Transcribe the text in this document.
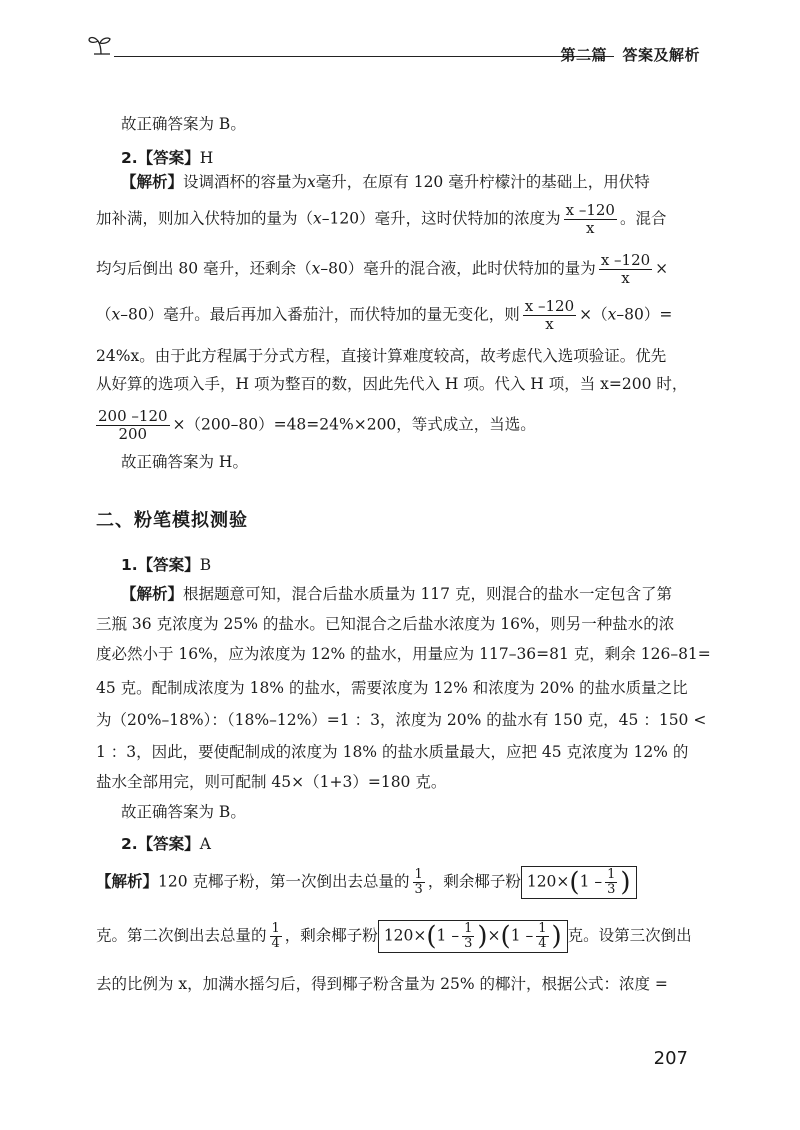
第二篇　答案及解析
故正确答案为 B。
2.【答案】H
【解析】设调酒杯的容量为x毫升，在原有 120 毫升柠檬汁的基础上，用伏特
加补满，则加入伏特加的量为（x–120）毫升，这时伏特加的浓度为 $\frac{x -120}{x}$ 。混合
均匀后倒出 80 毫升，还剩余（x–80）毫升的混合液，此时伏特加的量为 $\frac{x -120}{x}$ ×
（x–80）毫升。最后再加入番茄汁，而伏特加的量无变化，则 $\frac{x -120}{x} \times(x-80)=$
24%x。由于此方程属于分式方程，直接计算难度较高，故考虑代入选项验证。优先
从好算的选项入手，H 项为整百的数，因此先代入 H 项。代入 H 项，当 x=200 时，
$\frac{200 -120}{200} \times(200-80)=48=24\%\times 200$，等式成立，当选。
故正确答案为 H。
二、粉笔模拟测验
1.【答案】B
【解析】根据题意可知，混合后盐水质量为 117 克，则混合的盐水一定包含了第
三瓶 36 克浓度为 25% 的盐水。已知混合之后盐水浓度为 16%，则另一种盐水的浓
度必然小于 16%，应为浓度为 12% 的盐水，用量应为 117–36=81 克，剩余 126–81=
45 克。配制成浓度为 18% 的盐水，需要浓度为 12% 和浓度为 20% 的盐水质量之比
为（20%–18%）：（18%–12%）=1 ：3，浓度为 20% 的盐水有 150 克，45 ：150 <
1 ：3，因此，要使配制成的浓度为 18% 的盐水质量最大，应把 45 克浓度为 12% 的
盐水全部用完，则可配制 45×（1+3）=180 克。
故正确答案为 B。
2.【答案】A
【解析】120 克椰子粉，第一次倒出去总量的 $\frac{1}{3}$ ，剩余椰子粉 $120\times(1 - \frac{1}{3}$ )
克。第二次倒出去总量的 $\frac{1}{4}$ ，剩余椰子粉 $120\times(1 - \frac{1}{3} )\times(1 - \frac{1}{4}$ ) 克。设第三次倒出
去的比例为 x，加满水摇匀后，得到椰子粉含量为 25% 的椰汁，根据公式：浓度 =
207
